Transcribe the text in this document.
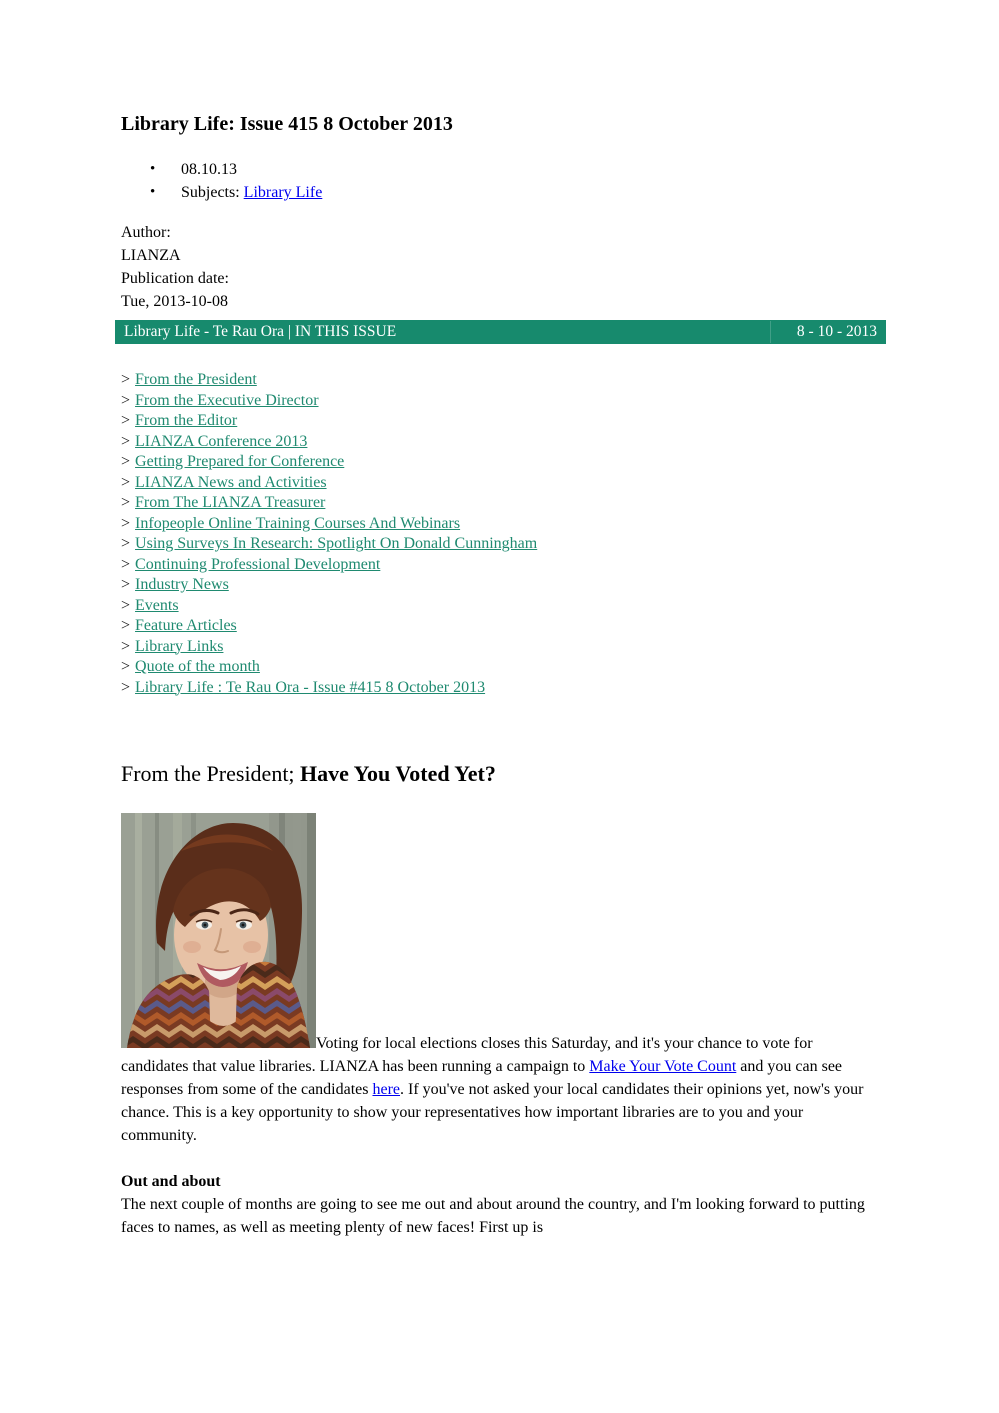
Library Life: Issue 415 8 October 2013
• 08.10.13
• Subjects: Library Life
Author:
LIANZA
Publication date:
Tue, 2013-10-08
Library Life - Te Rau Ora | IN THIS ISSUE	8 - 10 - 2013
> From the President
> From the Executive Director
> From the Editor
> LIANZA Conference 2013
> Getting Prepared for Conference
> LIANZA News and Activities
> From The LIANZA Treasurer
> Infopeople Online Training Courses And Webinars
> Using Surveys In Research: Spotlight On Donald Cunningham
> Continuing Professional Development
> Industry News
> Events
> Feature Articles
> Library Links
> Quote of the month
> Library Life : Te Rau Ora - Issue #415 8 October 2013
From the President; Have You Voted Yet?

Voting for local elections closes this Saturday, and it's your chance to vote for candidates that value libraries. LIANZA has been running a campaign to Make Your Vote Count and you can see responses from some of the candidates here. If you've not asked your local candidates their opinions yet, now's your chance. This is a key opportunity to show your representatives how important libraries are to you and your community.

Out and about

The next couple of months are going to see me out and about around the country, and I'm looking forward to putting faces to names, as well as meeting plenty of new faces! First up is
